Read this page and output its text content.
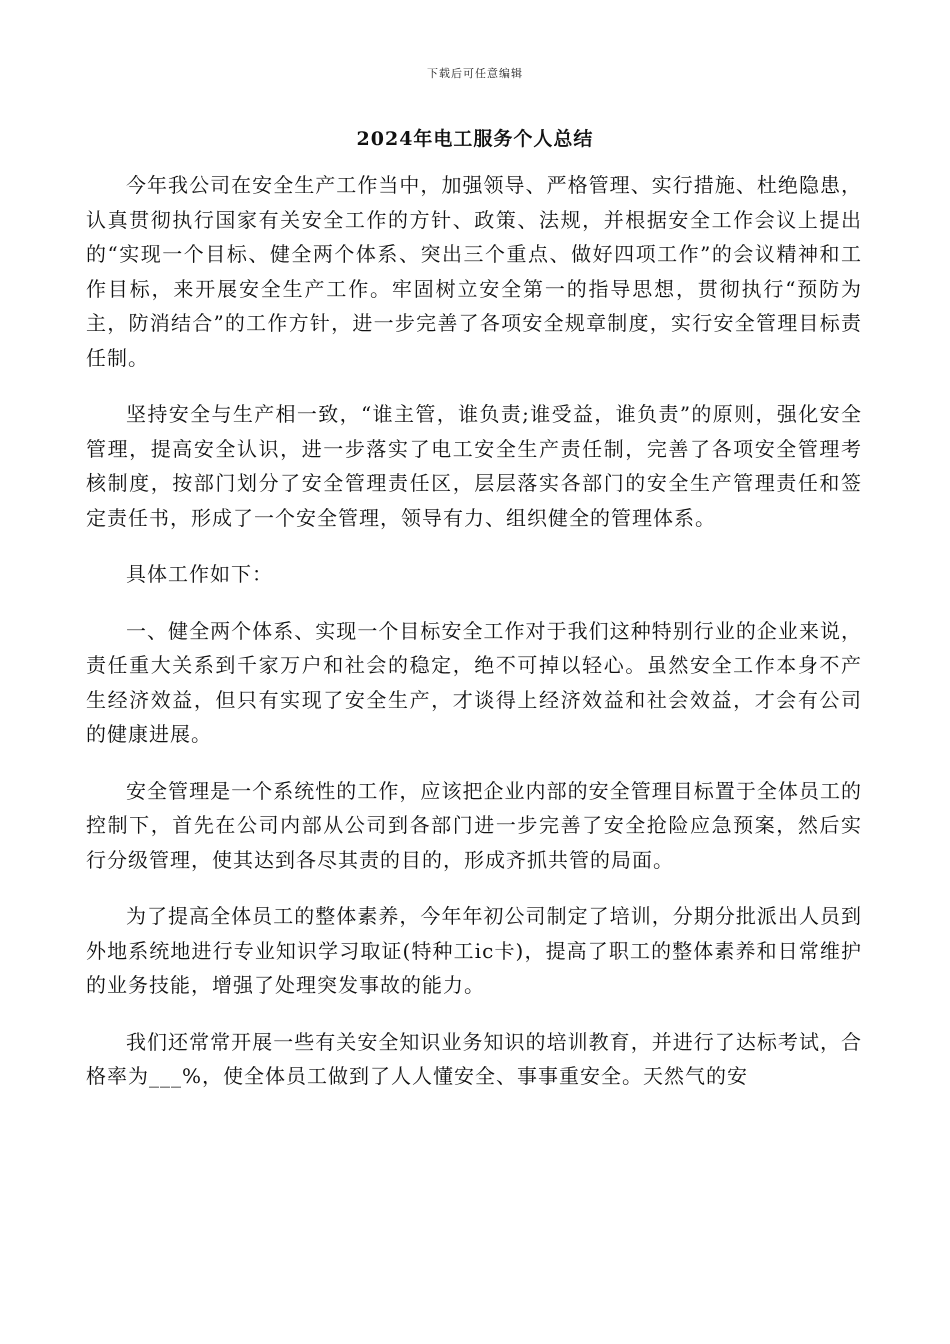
下载后可任意编辑
2024年电工服务个人总结

今年我公司在安全生产工作当中，加强领导、严格管理、实行措施、杜绝隐患，认真贯彻执行国家有关安全工作的方针、政策、法规，并根据安全工作会议上提出的“实现一个目标、健全两个体系、突出三个重点、做好四项工作”的会议精神和工作目标，来开展安全生产工作。牢固树立安全第一的指导思想，贯彻执行“预防为主，防消结合”的工作方针，进一步完善了各项安全规章制度，实行安全管理目标责任制。

坚持安全与生产相一致，“谁主管，谁负责;谁受益，谁负责”的原则，强化安全管理，提高安全认识，进一步落实了电工安全生产责任制，完善了各项安全管理考核制度，按部门划分了安全管理责任区，层层落实各部门的安全生产管理责任和签定责任书，形成了一个安全管理，领导有力、组织健全的管理体系。

具体工作如下：

一、健全两个体系、实现一个目标安全工作对于我们这种特别行业的企业来说，责任重大关系到千家万户和社会的稳定，绝不可掉以轻心。虽然安全工作本身不产生经济效益，但只有实现了安全生产，才谈得上经济效益和社会效益，才会有公司的健康进展。

安全管理是一个系统性的工作，应该把企业内部的安全管理目标置于全体员工的控制下，首先在公司内部从公司到各部门进一步完善了安全抢险应急预案，然后实行分级管理，使其达到各尽其责的目的，形成齐抓共管的局面。

为了提高全体员工的整体素养，今年年初公司制定了培训，分期分批派出人员到外地系统地进行专业知识学习取证(特种工ic卡)，提高了职工的整体素养和日常维护的业务技能，增强了处理突发事故的能力。

我们还常常开展一些有关安全知识业务知识的培训教育，并进行了达标考试，合格率为___%，使全体员工做到了人人懂安全、事事重安全。天然气的安
